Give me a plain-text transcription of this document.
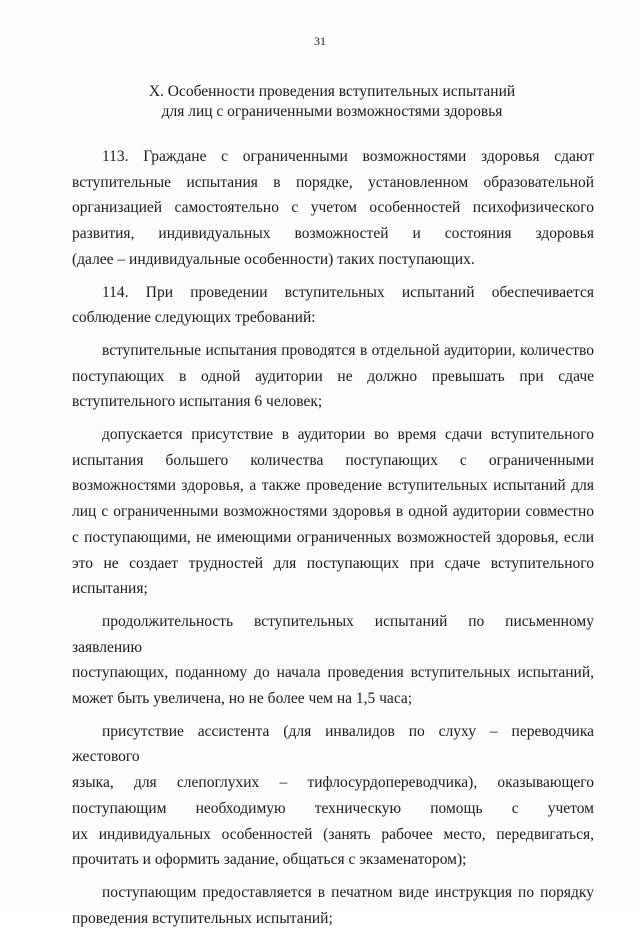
31
X. Особенности проведения вступительных испытаний
для лиц с ограниченными возможностями здоровья

113. Граждане с ограниченными возможностями здоровья сдают
вступительные испытания в порядке, установленном образовательной
организацией самостоятельно с учетом особенностей психофизического
развития, индивидуальных возможностей и состояния здоровья
(далее – индивидуальные особенности) таких поступающих.

114. При проведении вступительных испытаний обеспечивается
соблюдение следующих требований:

вступительные испытания проводятся в отдельной аудитории, количество
поступающих в одной аудитории не должно превышать при сдаче
вступительного испытания 6 человек;

допускается присутствие в аудитории во время сдачи вступительного
испытания большего количества поступающих с ограниченными
возможностями здоровья, а также проведение вступительных испытаний для
лиц с ограниченными возможностями здоровья в одной аудитории совместно
с поступающими, не имеющими ограниченных возможностей здоровья, если
это не создает трудностей для поступающих при сдаче вступительного
испытания;

продолжительность вступительных испытаний по письменному заявлению
поступающих, поданному до начала проведения вступительных испытаний,
может быть увеличена, но не более чем на 1,5 часа;

присутствие ассистента (для инвалидов по слуху – переводчика жестового
языка, для слепоглухих – тифлосурдопереводчика), оказывающего
поступающим необходимую техническую помощь с учетом
их индивидуальных особенностей (занять рабочее место, передвигаться,
прочитать и оформить задание, общаться с экзаменатором);

поступающим предоставляется в печатном виде инструкция по порядку
проведения вступительных испытаний;
